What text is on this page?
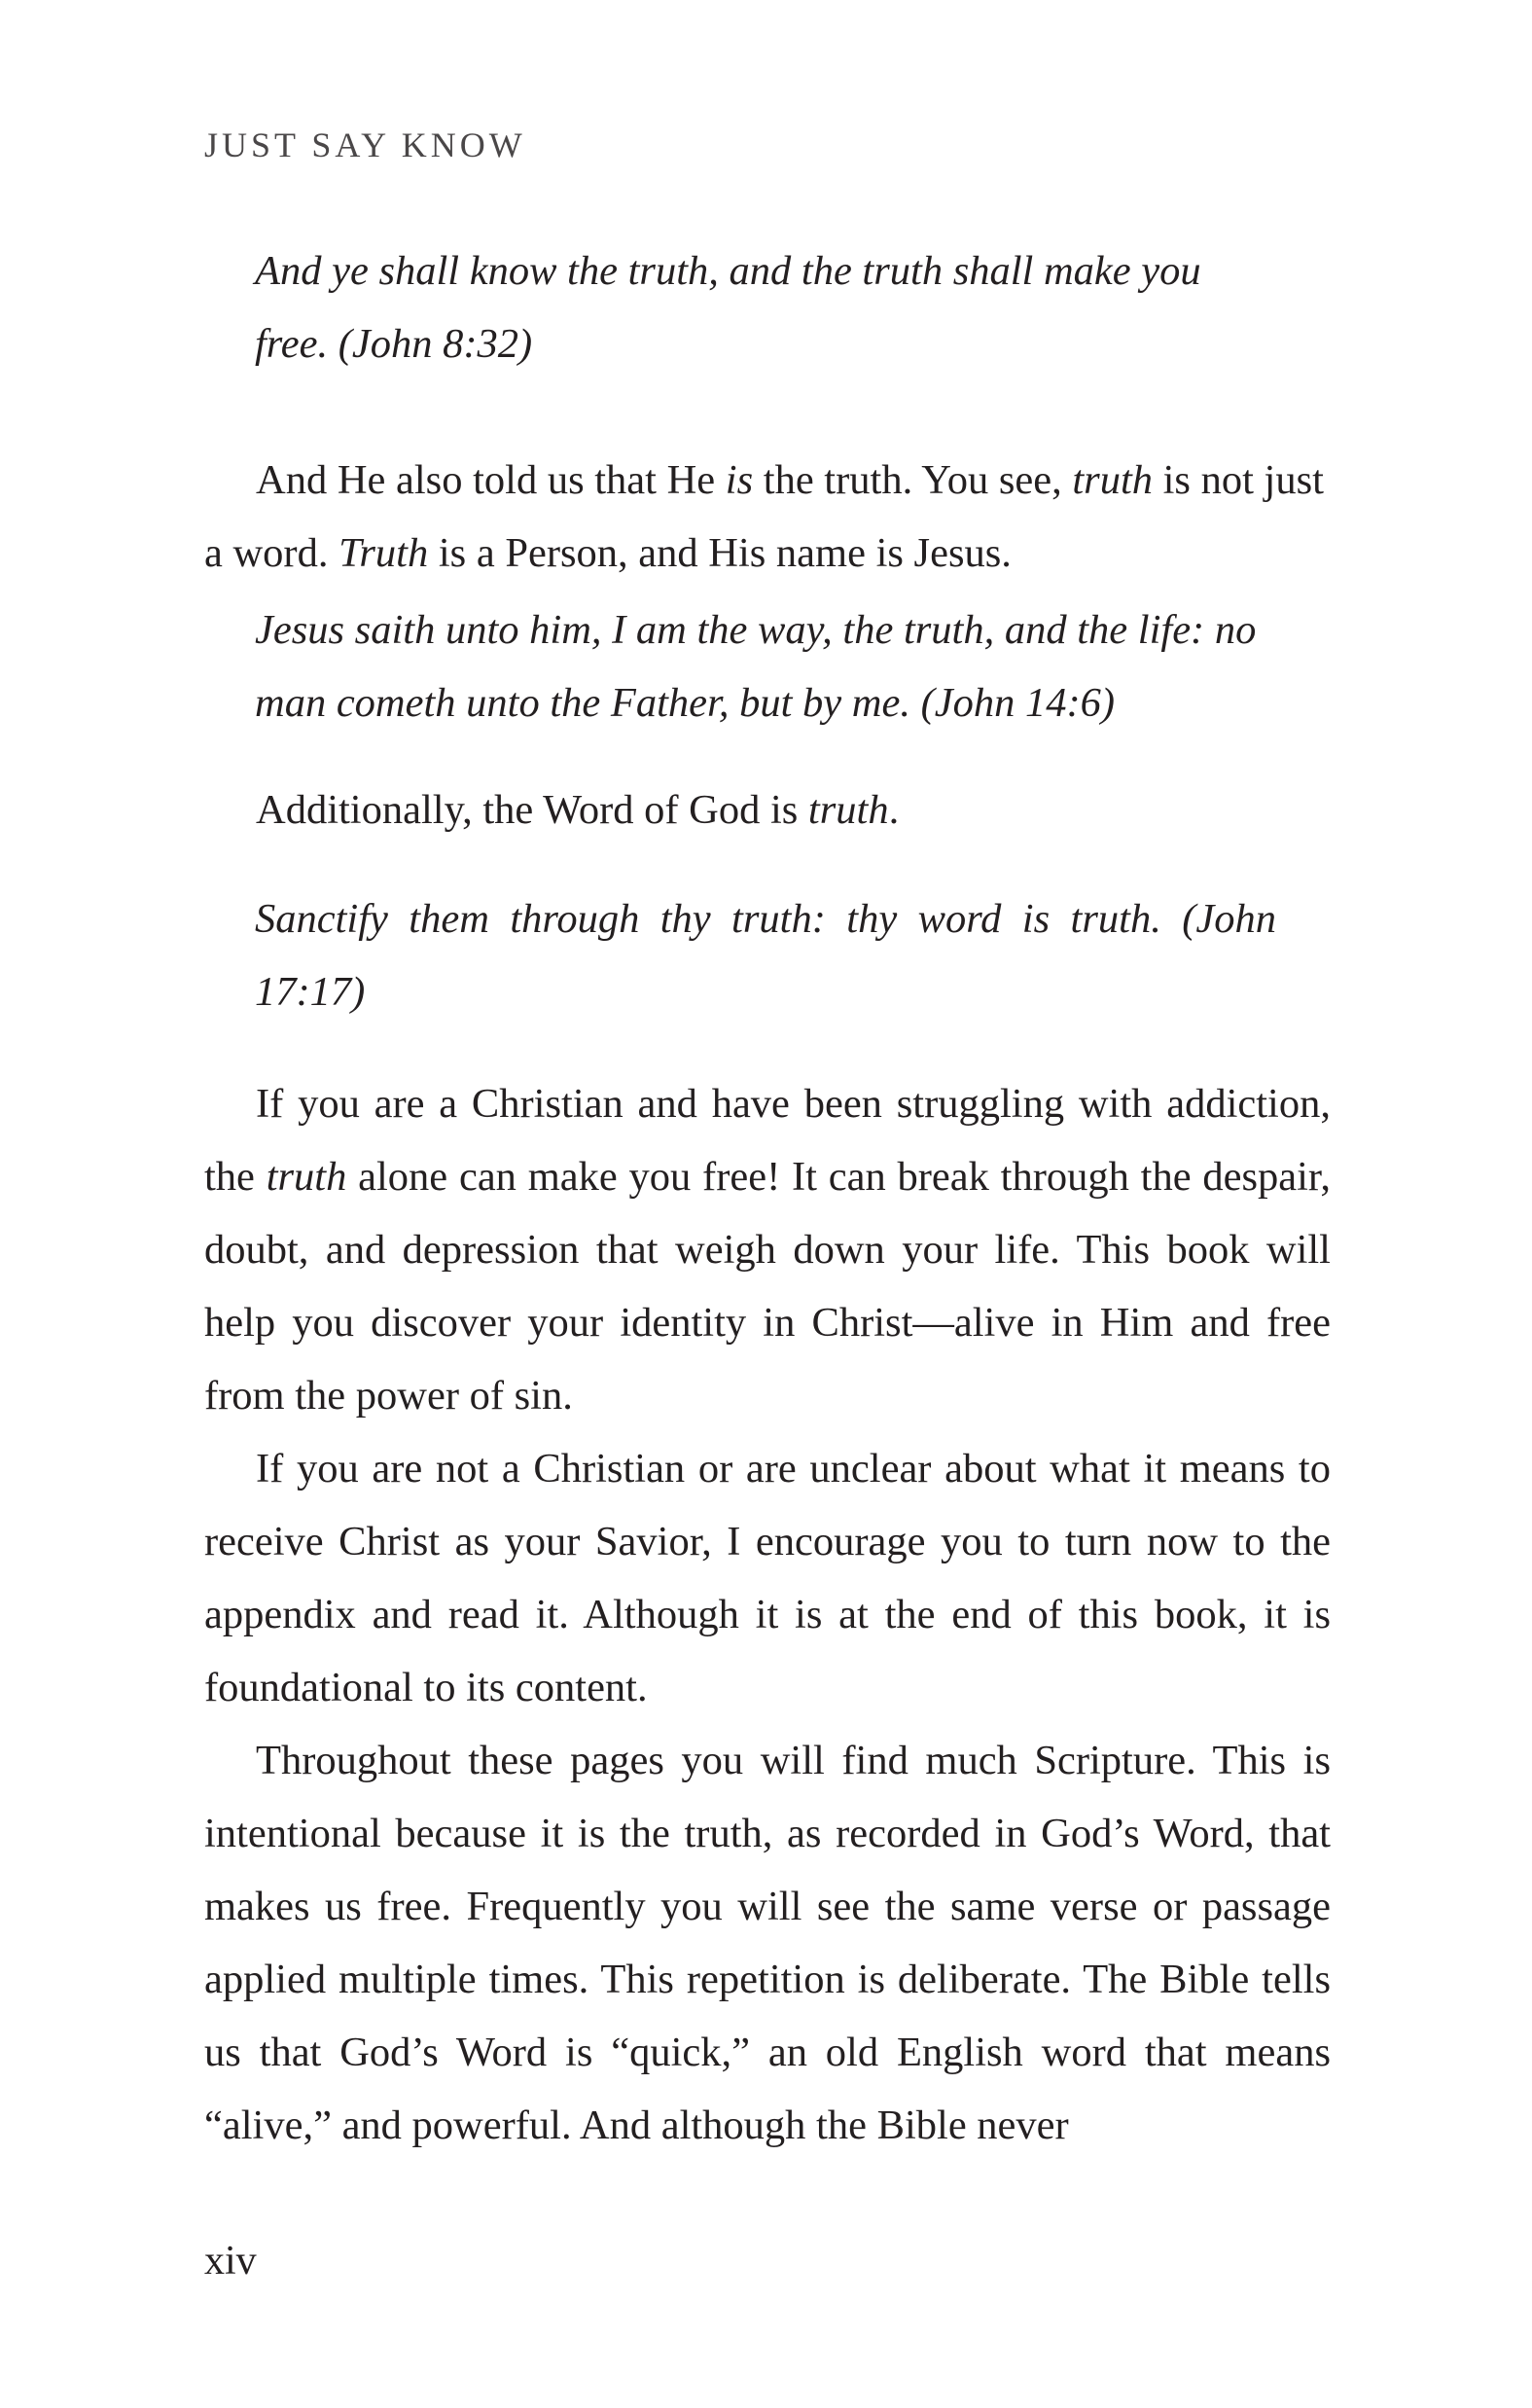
JUST SAY KNOW

And ye shall know the truth, and the truth shall make you free. (John 8:32)

And He also told us that He is the truth. You see, truth is not just a word. Truth is a Person, and His name is Jesus.

Jesus saith unto him, I am the way, the truth, and the life: no man cometh unto the Father, but by me. (John 14:6)

Additionally, the Word of God is truth.

Sanctify them through thy truth: thy word is truth. (John 17:17)

If you are a Christian and have been struggling with addiction, the truth alone can make you free! It can break through the despair, doubt, and depression that weigh down your life. This book will help you discover your identity in Christ—alive in Him and free from the power of sin.

If you are not a Christian or are unclear about what it means to receive Christ as your Savior, I encourage you to turn now to the appendix and read it. Although it is at the end of this book, it is foundational to its content.

Throughout these pages you will find much Scripture. This is intentional because it is the truth, as recorded in God’s Word, that makes us free. Frequently you will see the same verse or passage applied multiple times. This repetition is deliberate. The Bible tells us that God’s Word is “quick,” an old English word that means “alive,” and powerful. And although the Bible never

xiv
